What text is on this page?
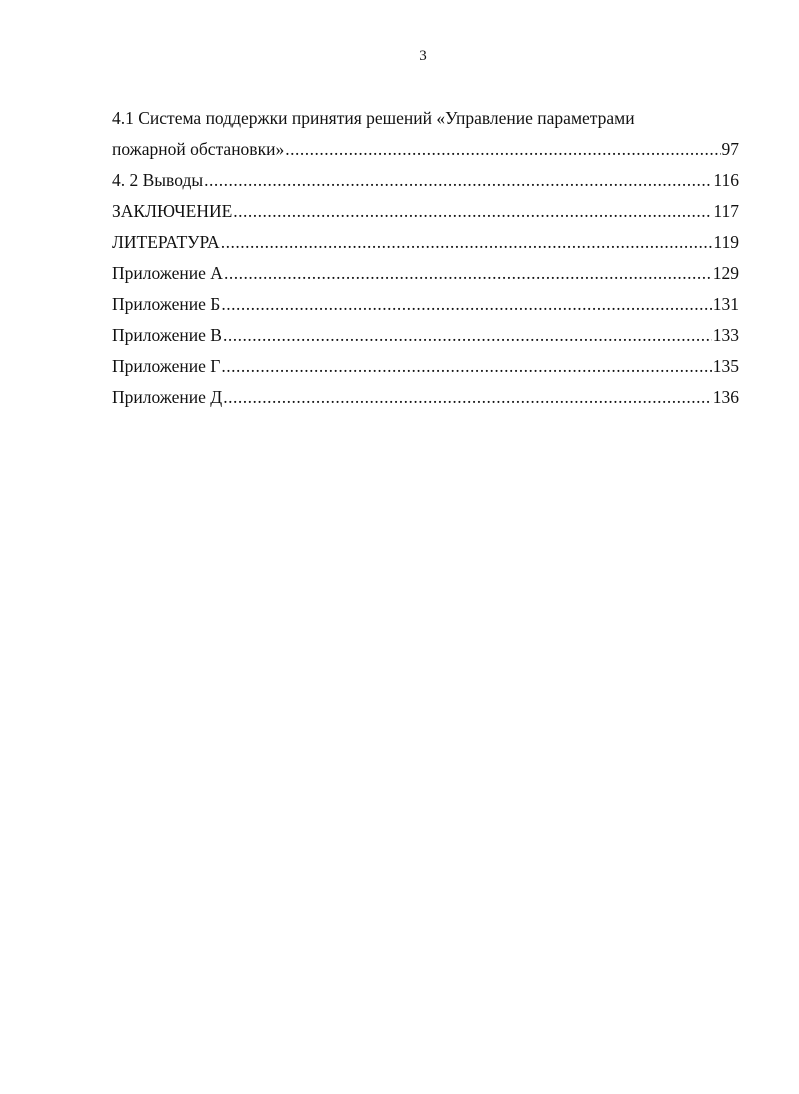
3
4.1 Система поддержки принятия решений «Управление параметрами
пожарной обстановки» .....	97
4. 2 Выводы .....	116
ЗАКЛЮЧЕНИЕ .....	117
ЛИТЕРАТУРА .....	119
Приложение А .....	129
Приложение Б .....	131
Приложение В .....	133
Приложение Г .....	135
Приложение Д .....	136
